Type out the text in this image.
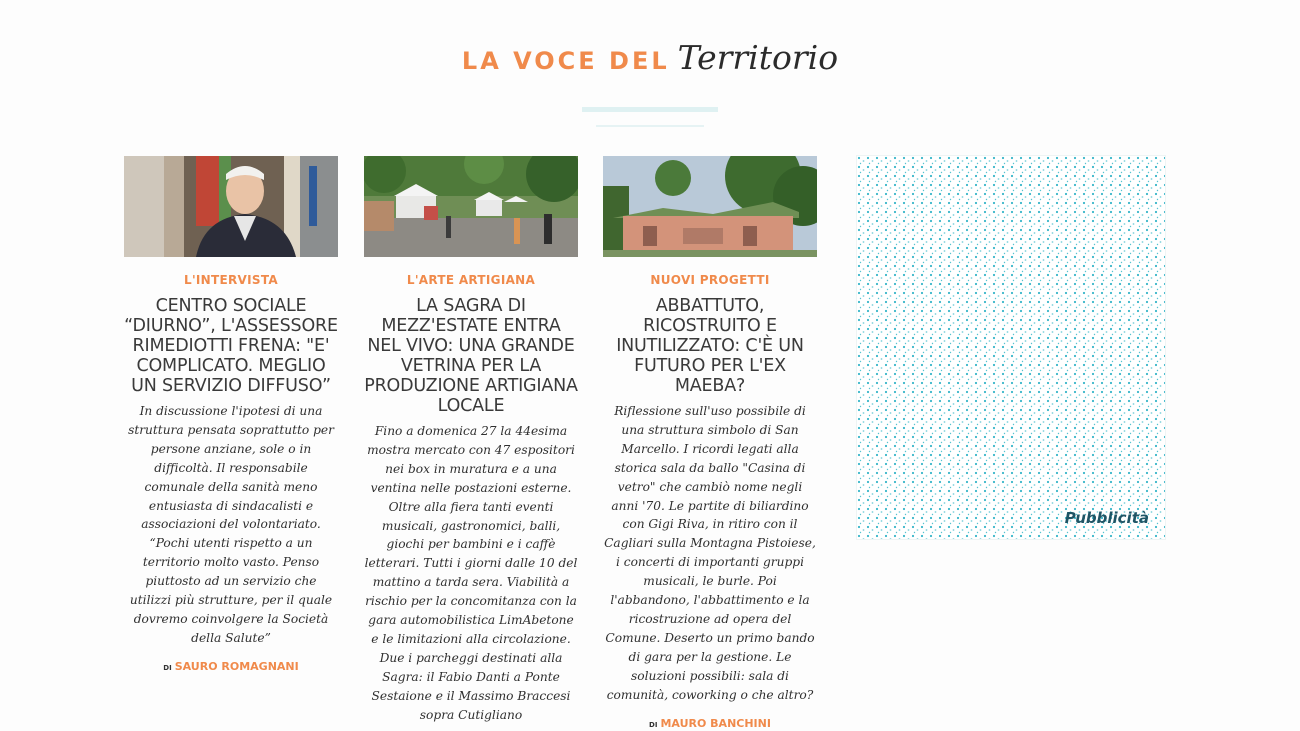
LA VOCE DEL Territorio
L'INTERVISTA
CENTRO SOCIALE “DIURNO”, L'ASSESSORE RIMEDIOTTI FRENA: "E' COMPLICATO. MEGLIO UN SERVIZIO DIFFUSO”
In discussione l'ipotesi di una struttura pensata soprattutto per persone anziane, sole o in difficoltà. Il responsabile comunale della sanità meno entusiasta di sindacalisti e associazioni del volontariato. “Pochi utenti rispetto a un territorio molto vasto. Penso piuttosto ad un servizio che utilizzi più strutture, per il quale dovremo coinvolgere la Società della Salute”
DI SAURO ROMAGNANI
L'ARTE ARTIGIANA
LA SAGRA DI MEZZ'ESTATE ENTRA NEL VIVO: UNA GRANDE VETRINA PER LA PRODUZIONE ARTIGIANA LOCALE
Fino a domenica 27 la 44esima mostra mercato con 47 espositori nei box in muratura e a una ventina nelle postazioni esterne. Oltre alla fiera tanti eventi musicali, gastronomici, balli, giochi per bambini e i caffè letterari. Tutti i giorni dalle 10 del mattino a tarda sera. Viabilità a rischio per la concomitanza con la gara automobilistica LimAbetone e le limitazioni alla circolazione. Due i parcheggi destinati alla Sagra: il Fabio Danti a Ponte Sestaione e il Massimo Braccesi sopra Cutigliano
NUOVI PROGETTI
ABBATTUTO, RICOSTRUITO E INUTILIZZATO: C'È UN FUTURO PER L'EX MAEBA?
Riflessione sull'uso possibile di una struttura simbolo di San Marcello. I ricordi legati alla storica sala da ballo "Casina di vetro" che cambiò nome negli anni '70. Le partite di biliardino con Gigi Riva, in ritiro con il Cagliari sulla Montagna Pistoiese, i concerti di importanti gruppi musicali, le burle. Poi l'abbandono, l'abbattimento e la ricostruzione ad opera del Comune. Deserto un primo bando di gara per la gestione. Le soluzioni possibili: sala di comunità, coworking o che altro?
DI MAURO BANCHINI
Pubblicità
